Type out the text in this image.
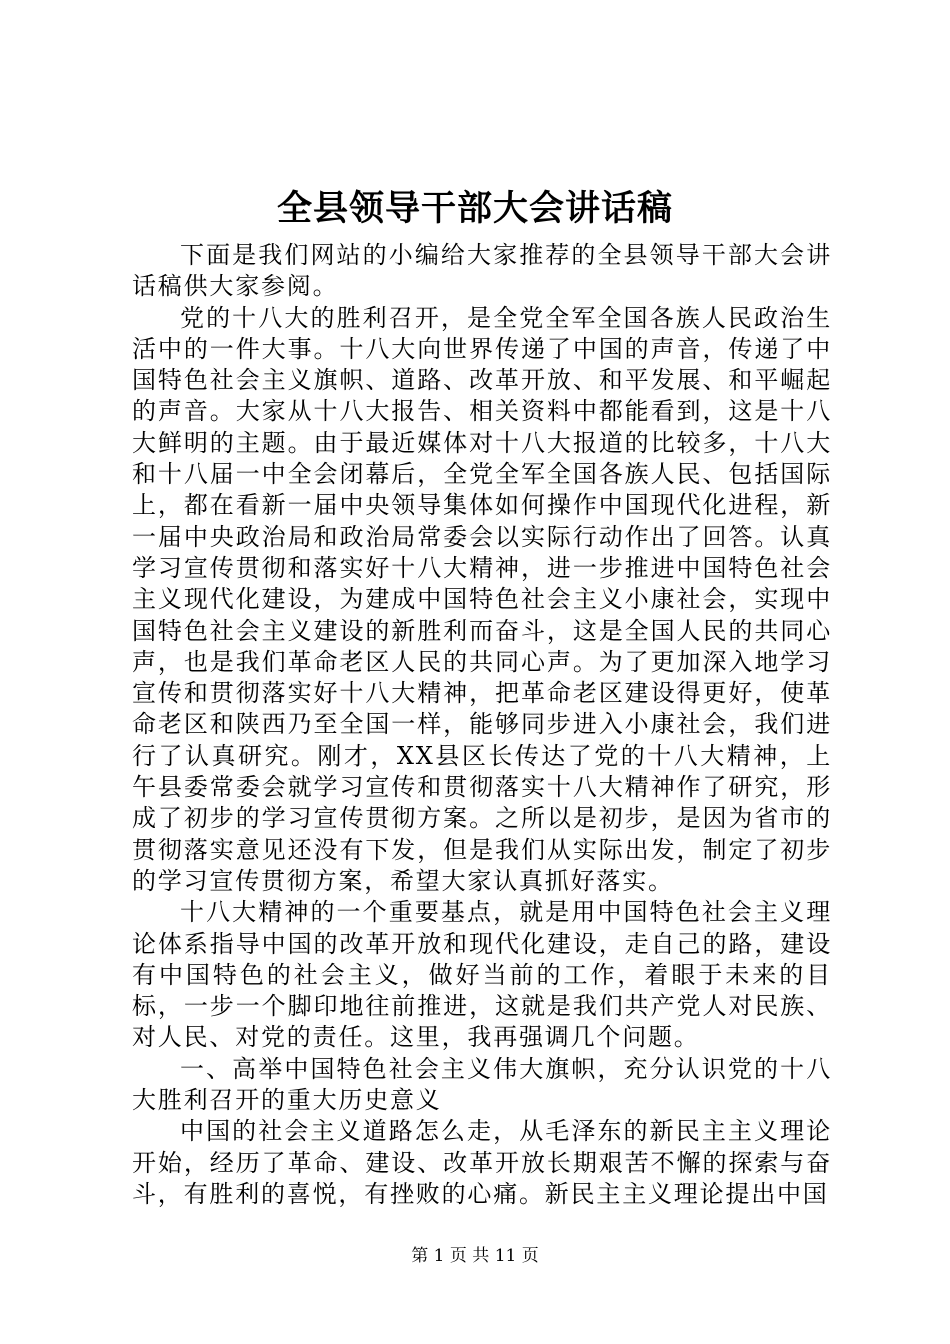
全县领导干部大会讲话稿

下面是我们网站的小编给大家推荐的全县领导干部大会讲话稿供大家参阅。

党的十八大的胜利召开，是全党全军全国各族人民政治生活中的一件大事。十八大向世界传递了中国的声音，传递了中国特色社会主义旗帜、道路、改革开放、和平发展、和平崛起的声音。大家从十八大报告、相关资料中都能看到，这是十八大鲜明的主题。由于最近媒体对十八大报道的比较多，十八大和十八届一中全会闭幕后，全党全军全国各族人民、包括国际上，都在看新一届中央领导集体如何操作中国现代化进程，新一届中央政治局和政治局常委会以实际行动作出了回答。认真学习宣传贯彻和落实好十八大精神，进一步推进中国特色社会主义现代化建设，为建成中国特色社会主义小康社会，实现中国特色社会主义建设的新胜利而奋斗，这是全国人民的共同心声，也是我们革命老区人民的共同心声。为了更加深入地学习宣传和贯彻落实好十八大精神，把革命老区建设得更好，使革命老区和陕西乃至全国一样，能够同步进入小康社会，我们进行了认真研究。刚才，XX县区长传达了党的十八大精神，上午县委常委会就学习宣传和贯彻落实十八大精神作了研究，形成了初步的学习宣传贯彻方案。之所以是初步，是因为省市的贯彻落实意见还没有下发，但是我们从实际出发，制定了初步的学习宣传贯彻方案，希望大家认真抓好落实。

十八大精神的一个重要基点，就是用中国特色社会主义理论体系指导中国的改革开放和现代化建设，走自己的路，建设有中国特色的社会主义，做好当前的工作，着眼于未来的目标，一步一个脚印地往前推进，这就是我们共产党人对民族、对人民、对党的责任。这里，我再强调几个问题。

一、高举中国特色社会主义伟大旗帜，充分认识党的十八大胜利召开的重大历史意义

中国的社会主义道路怎么走，从毛泽东的新民主主义理论开始，经历了革命、建设、改革开放长期艰苦不懈的探索与奋斗，有胜利的喜悦，有挫败的心痛。新民主主义理论提出中国

第 1 页 共 11 页
